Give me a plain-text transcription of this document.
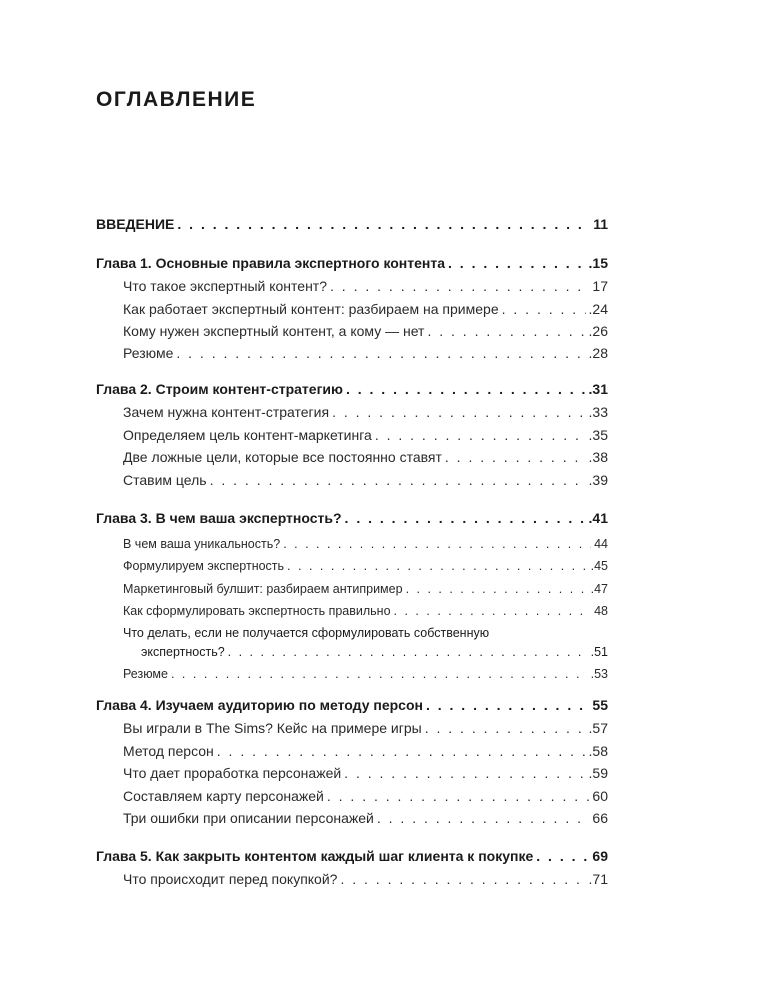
ОГЛАВЛЕНИЕ
ВВЕДЕНИЕ . . .	11
Глава 1. Основные правила экспертного контента . . .	.15
Что такое экспертный контент? . . .	17
Как работает экспертный контент: разбираем на примере . . .	.24
Кому нужен экспертный контент, а кому — нет . . .	.26
Резюме . . .	.28
Глава 2. Строим контент-стратегию . . .	.31
Зачем нужна контент-стратегия . . .	.33
Определяем цель контент-маркетинга . . .	.35
Две ложные цели, которые все постоянно ставят . . .	.38
Ставим цель . . .	.39
Глава 3. В чем ваша экспертность? . . .	.41
В чем ваша уникальность? . . .	44
Формулируем экспертность . . .	.45
Маркетинговый булшит: разбираем антипример . . .	.47
Как сформулировать экспертность правильно . . .	48
Что делать, если не получается сформулировать собственную
экспертность? . . .	.51
Резюме . . .	.53
Глава 4. Изучаем аудиторию по методу персон . . .	55
Вы играли в The Sims? Кейс на примере игры . . .	.57
Метод персон . . .	.58
Что дает проработка персонажей . . .	.59
Составляем карту персонажей . . .	60
Три ошибки при описании персонажей . . .	66
Глава 5. Как закрыть контентом каждый шаг клиента к покупке . . .	69
Что происходит перед покупкой? . . .	.71
